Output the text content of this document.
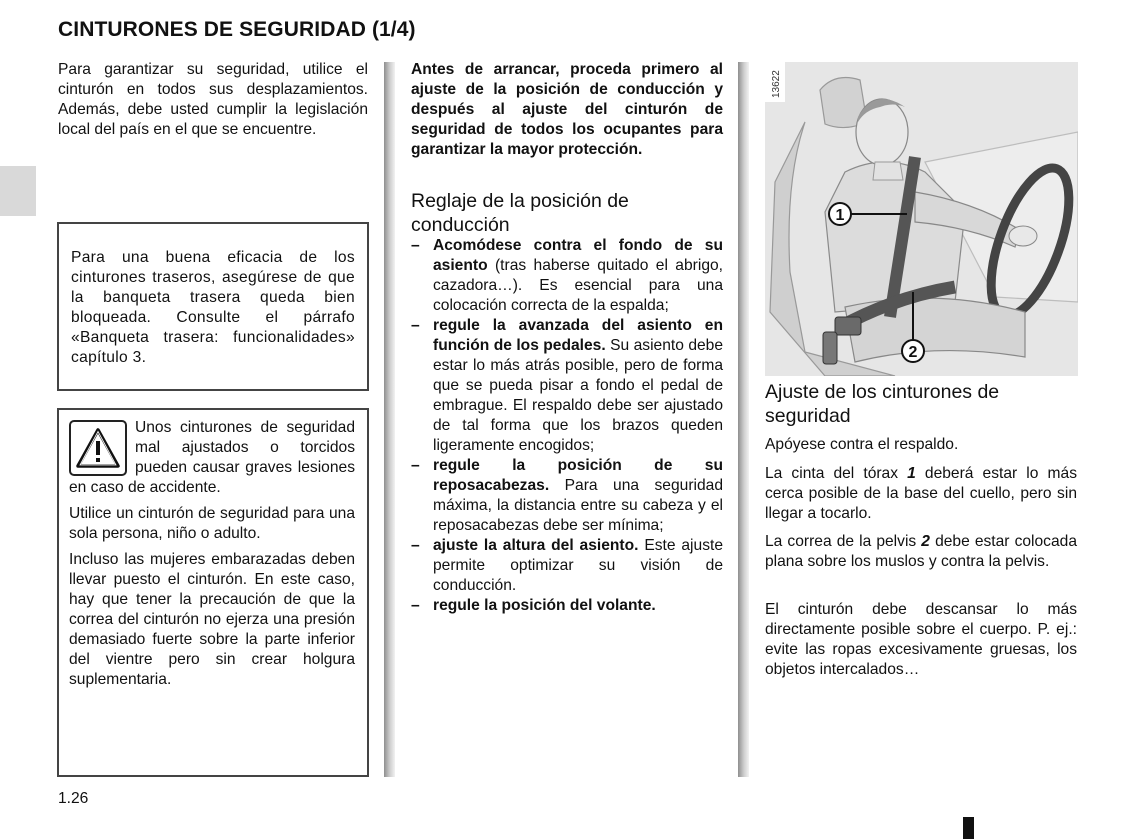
CINTURONES DE SEGURIDAD (1/4)

Para garantizar su seguridad, utilice el cinturón en todos sus desplazamientos. Además, debe usted cumplir la legislación local del país en el que se encuentre.

Para una buena eficacia de los cinturones traseros, asegúrese de que la banqueta trasera queda bien bloqueada. Consulte el párrafo «Banqueta trasera: funcionalidades» capítulo 3.

Unos cinturones de seguridad mal ajustados o torcidos pueden causar graves lesiones en caso de accidente.

Utilice un cinturón de seguridad para una sola persona, niño o adulto.

Incluso las mujeres embarazadas deben llevar puesto el cinturón. En este caso, hay que tener la precaución de que la correa del cinturón no ejerza una presión demasiado fuerte sobre la parte inferior del vientre pero sin crear holgura suplementaria.

Antes de arrancar, proceda primero al ajuste de la posición de conducción y después al ajuste del cinturón de seguridad de todos los ocupantes para garantizar la mayor protección.

Reglaje de la posición de conducción
– Acomódese contra el fondo de su asiento (tras haberse quitado el abrigo, cazadora…). Es esencial para una colocación correcta de la espalda;
– regule la avanzada del asiento en función de los pedales. Su asiento debe estar lo más atrás posible, pero de forma que se pueda pisar a fondo el pedal de embrague. El respaldo debe ser ajustado de tal forma que los brazos queden ligeramente encogidos;
– regule la posición de su reposacabezas. Para una seguridad máxima, la distancia entre su cabeza y el reposacabezas debe ser mínima;
– ajuste la altura del asiento. Este ajuste permite optimizar su visión de conducción.
– regule la posición del volante.
1
2
13622
Ajuste de los cinturones de seguridad

Apóyese contra el respaldo.

La cinta del tórax 1 deberá estar lo más cerca posible de la base del cuello, pero sin llegar a tocarlo.

La correa de la pelvis 2 debe estar colocada plana sobre los muslos y contra la pelvis.

El cinturón debe descansar lo más directamente posible sobre el cuerpo. P. ej.: evite las ropas excesivamente gruesas, los objetos intercalados…

1.26
